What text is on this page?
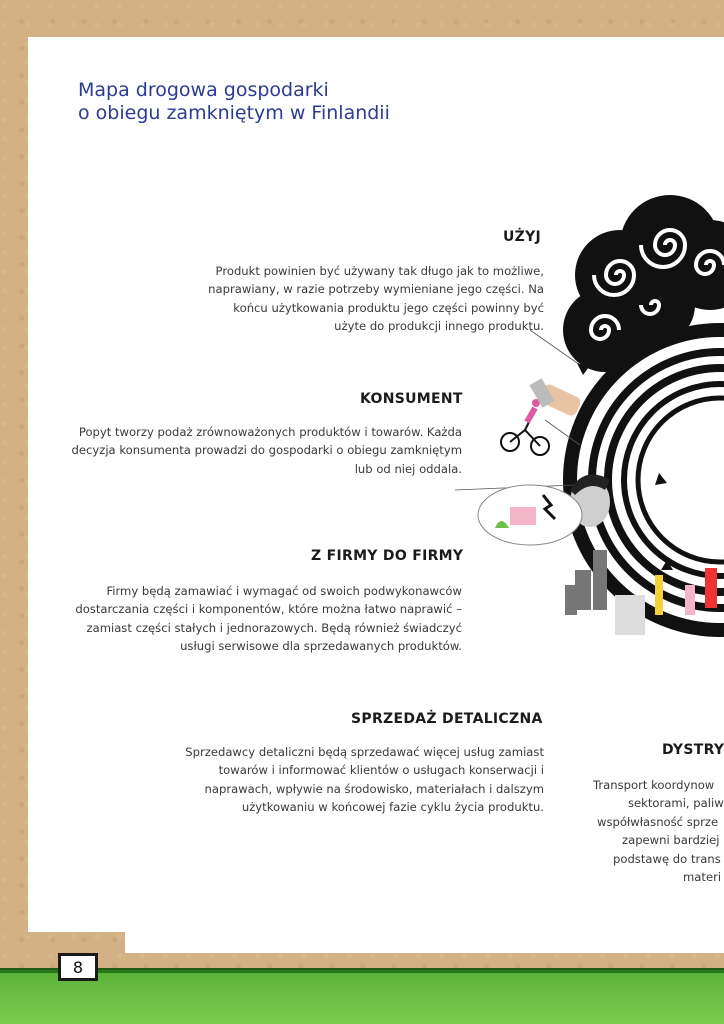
Mapa drogowa gospodarki
o obiegu zamkniętym w Finlandii
UŻYJ

Produkt powinien być używany tak długo jak to możliwe,
naprawiany, w razie potrzeby wymieniane jego części. Na
końcu użytkowania produktu jego części powinny być
użyte do produkcji innego produktu.

KONSUMENT

Popyt tworzy podaż zrównoważonych produktów i towarów. Każda
decyzja konsumenta prowadzi do gospodarki o obiegu zamkniętym
lub od niej oddala.

Z FIRMY DO FIRMY

Firmy będą zamawiać i wymagać od swoich podwykonawców
dostarczania części i komponentów, które można łatwo naprawić –
zamiast części stałych i jednorazowych. Będą również świadczyć
usługi serwisowe dla sprzedawanych produktów.

SPRZEDAŻ DETALICZNA

Sprzedawcy detaliczni będą sprzedawać więcej usług zamiast
towarów i informować klientów o usługach konserwacji i
naprawach, wpływie na środowisko, materiałach i dalszym
użytkowaniu w końcowej fazie cyklu życia produktu.

DYSTRY

Transport koordynow
sektorami, paliw
współwłasność sprze
zapewni bardziej
podstawę do trans
materi

8
